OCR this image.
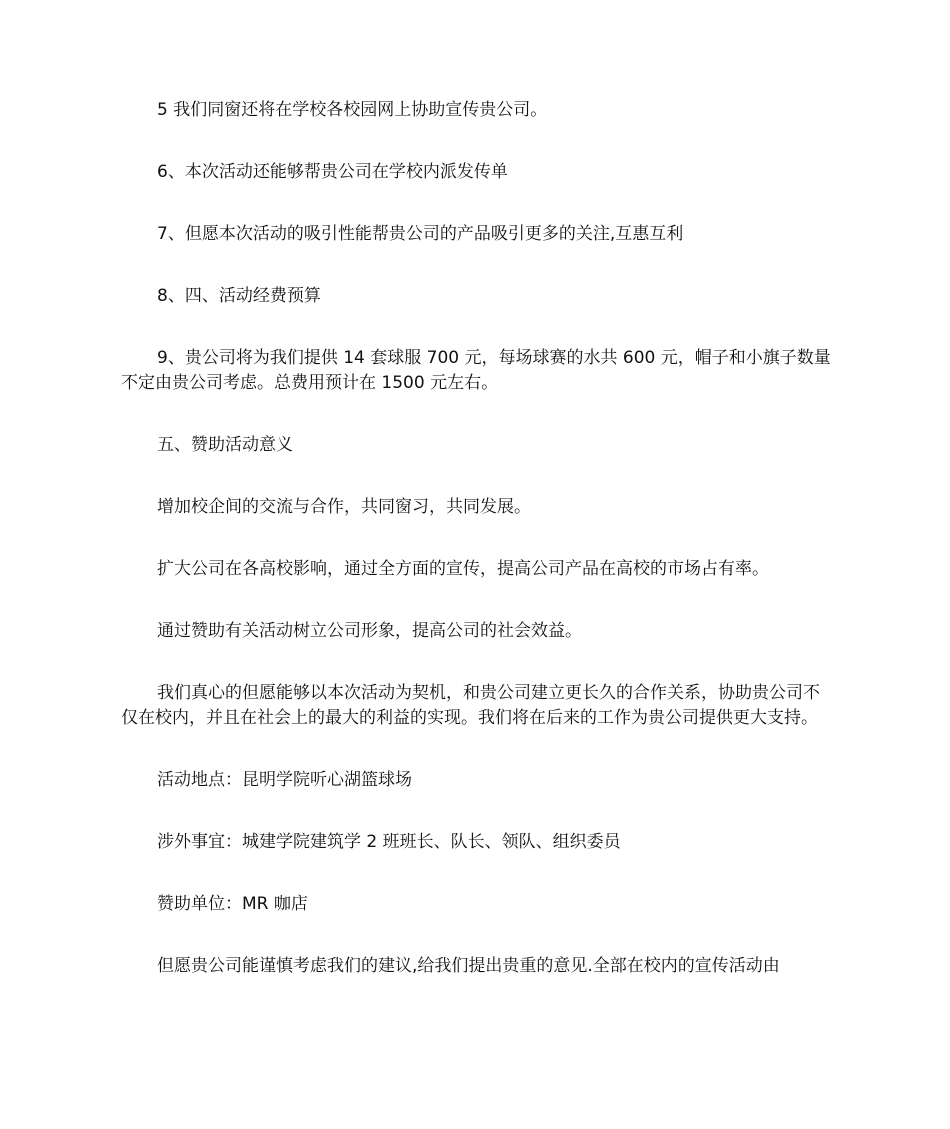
5 我们同窗还将在学校各校园网上协助宣传贵公司。

6、本次活动还能够帮贵公司在学校内派发传单

7、但愿本次活动的吸引性能帮贵公司的产品吸引更多的关注,互惠互利

8、四、活动经费预算

9、贵公司将为我们提供 14 套球服 700 元，每场球赛的水共 600 元，帽子和小旗子数量不定由贵公司考虑。总费用预计在 1500 元左右。

五、赞助活动意义

增加校企间的交流与合作，共同窗习，共同发展。

扩大公司在各高校影响，通过全方面的宣传，提高公司产品在高校的市场占有率。

通过赞助有关活动树立公司形象，提高公司的社会效益。

我们真心的但愿能够以本次活动为契机，和贵公司建立更长久的合作关系，协助贵公司不仅在校内，并且在社会上的最大的利益的实现。我们将在后来的工作为贵公司提供更大支持。

活动地点：昆明学院听心湖篮球场

涉外事宜：城建学院建筑学 2 班班长、队长、领队、组织委员

赞助单位：MR 咖店

但愿贵公司能谨慎考虑我们的建议,给我们提出贵重的意见.全部在校内的宣传活动由
